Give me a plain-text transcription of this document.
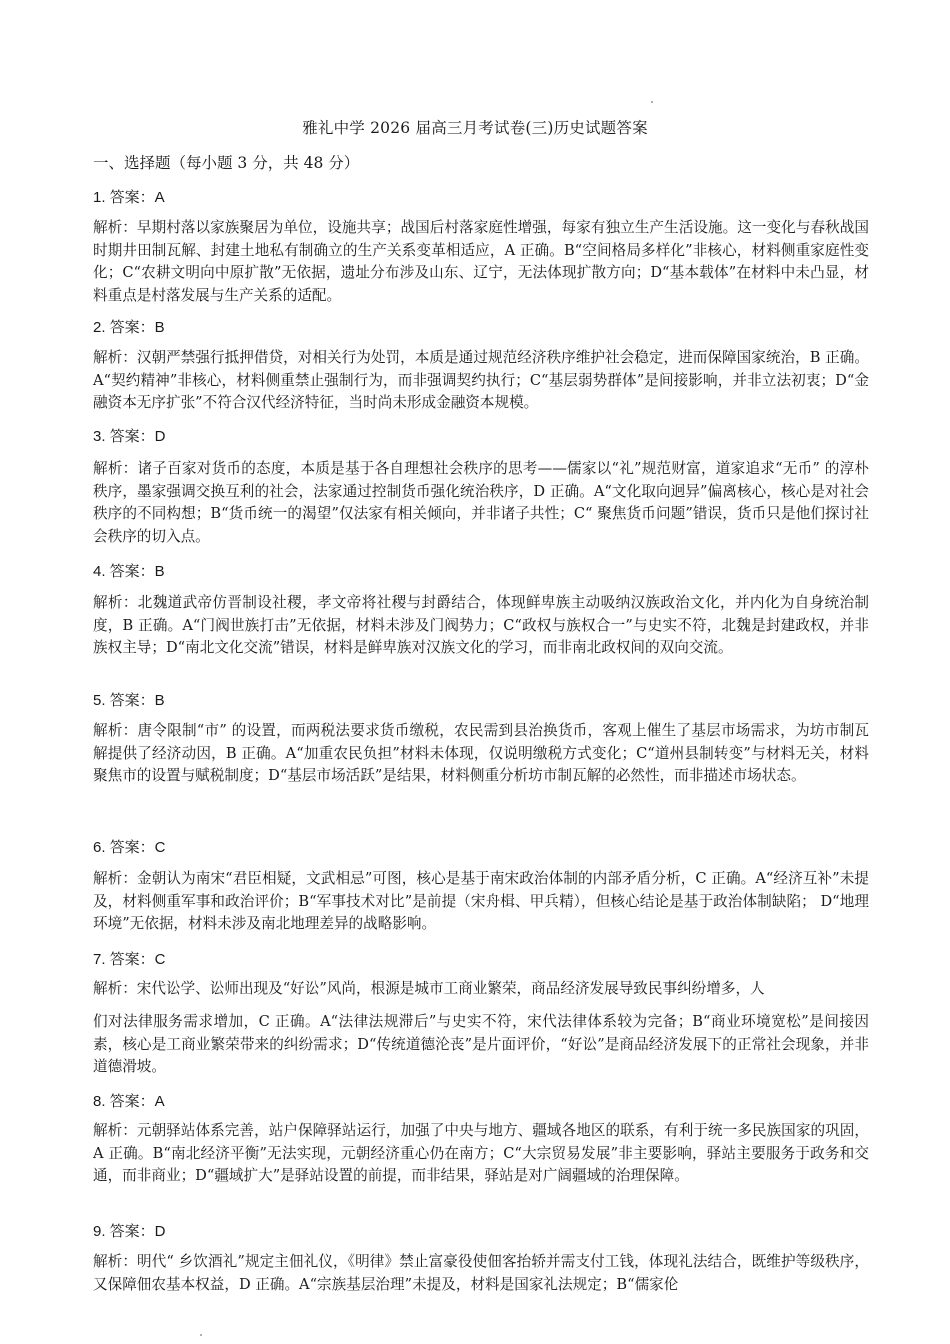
雅礼中学 2026 届高三月考试卷(三)历史试题答案
一、选择题（每小题 3 分，共 48 分）
1. 答案：A

解析：早期村落以家族聚居为单位，设施共享；战国后村落家庭性增强，每家有独立生产生活设施。这一变化与春秋战国时期井田制瓦解、封建土地私有制确立的生产关系变革相适应，A 正确。B“空间格局多样化”非核心，材料侧重家庭性变化；C“农耕文明向中原扩散”无依据，遗址分布涉及山东、辽宁，无法体现扩散方向；D“基本载体”在材料中未凸显，材料重点是村落发展与生产关系的适配。

2. 答案：B

解析：汉朝严禁强行抵押借贷，对相关行为处罚，本质是通过规范经济秩序维护社会稳定，进而保障国家统治，B 正确。A“契约精神”非核心，材料侧重禁止强制行为，而非强调契约执行；C“基层弱势群体”是间接影响，并非立法初衷；D“金融资本无序扩张”不符合汉代经济特征，当时尚未形成金融资本规模。

3. 答案：D

解析：诸子百家对货币的态度，本质是基于各自理想社会秩序的思考——儒家以“礼”规范财富，道家追求“无币” 的淳朴秩序，墨家强调交换互利的社会，法家通过控制货币强化统治秩序，D 正确。A“文化取向迥异”偏离核心，核心是对社会秩序的不同构想；B“货币统一的渴望”仅法家有相关倾向，并非诸子共性；C“ 聚焦货币问题”错误，货币只是他们探讨社会秩序的切入点。

4. 答案：B

解析：北魏道武帝仿晋制设社稷，孝文帝将社稷与封爵结合，体现鲜卑族主动吸纳汉族政治文化，并内化为自身统治制度，B 正确。A“门阀世族打击”无依据，材料未涉及门阀势力；C“政权与族权合一”与史实不符，北魏是封建政权，并非族权主导；D“南北文化交流”错误，材料是鲜卑族对汉族文化的学习，而非南北政权间的双向交流。

5. 答案：B

解析：唐令限制“市” 的设置，而两税法要求货币缴税，农民需到县治换货币，客观上催生了基层市场需求，为坊市制瓦解提供了经济动因，B 正确。A“加重农民负担”材料未体现，仅说明缴税方式变化；C“道州县制转变”与材料无关，材料聚焦市的设置与赋税制度；D“基层市场活跃”是结果，材料侧重分析坊市制瓦解的必然性，而非描述市场状态。

6. 答案：C

解析：金朝认为南宋“君臣相疑，文武相忌”可图，核心是基于南宋政治体制的内部矛盾分析，C 正确。A“经济互补”未提及，材料侧重军事和政治评价；B“军事技术对比”是前提（宋舟楫、甲兵精），但核心结论是基于政治体制缺陷； D“地理环境”无依据，材料未涉及南北地理差异的战略影响。

7. 答案：C

解析：宋代讼学、讼师出现及“好讼”风尚，根源是城市工商业繁荣，商品经济发展导致民事纠纷增多，人

们对法律服务需求增加，C 正确。A“法律法规滞后”与史实不符，宋代法律体系较为完备；B“商业环境宽松”是间接因素，核心是工商业繁荣带来的纠纷需求；D“传统道德沦丧”是片面评价，“好讼”是商品经济发展下的正常社会现象，并非道德滑坡。

8. 答案：A

解析：元朝驿站体系完善，站户保障驿站运行，加强了中央与地方、疆域各地区的联系，有利于统一多民族国家的巩固，A 正确。B“南北经济平衡”无法实现，元朝经济重心仍在南方；C“大宗贸易发展”非主要影响，驿站主要服务于政务和交通，而非商业；D“疆域扩大”是驿站设置的前提，而非结果，驿站是对广阔疆域的治理保障。

9. 答案：D

解析：明代“ 乡饮酒礼”规定主佃礼仪，《明律》禁止富豪役使佃客抬轿并需支付工钱，体现礼法结合，既维护等级秩序，又保障佃农基本权益，D 正确。A“宗族基层治理”未提及，材料是国家礼法规定；B“儒家伦
